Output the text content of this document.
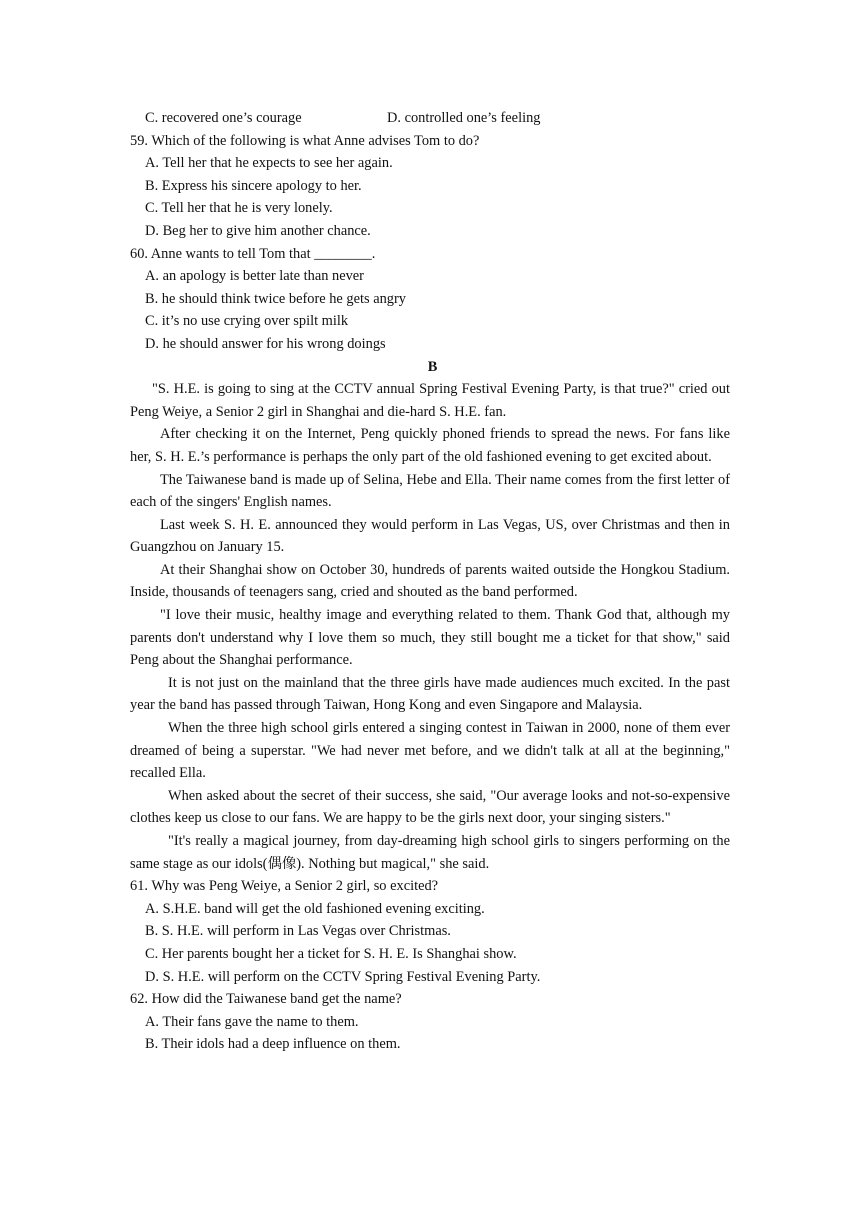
C. recovered one’s courage	D. controlled one’s feeling
59. Which of the following is what Anne advises Tom to do?
A. Tell her that he expects to see her again.
B. Express his sincere apology to her.
C. Tell her that he is very lonely.
D. Beg her to give him another chance.
60. Anne wants to tell Tom that ________.
A. an apology is better late than never
B. he should think twice before he gets angry
C. it’s no use crying over spilt milk
D. he should answer for his wrong doings
B
"S. H.E. is going to sing at the CCTV annual Spring Festival Evening Party, is that true?" cried out Peng Weiye, a Senior 2 girl in Shanghai and die-hard S. H.E. fan.
After checking it on the Internet, Peng quickly phoned friends to spread the news. For fans like her, S. H. E.’s performance is perhaps the only part of the old fashioned evening to get excited about.
The Taiwanese band is made up of Selina, Hebe and Ella. Their name comes from the first letter of each of the singers' English names.
Last week S. H. E. announced they would perform in Las Vegas, US, over Christmas and then in Guangzhou on January 15.
At their Shanghai show on October 30, hundreds of parents waited outside the Hongkou Stadium. Inside, thousands of teenagers sang, cried and shouted as the band performed.
"I love their music, healthy image and everything related to them. Thank God that, although my parents don't understand why I love them so much, they still bought me a ticket for that show," said Peng about the Shanghai performance.
It is not just on the mainland that the three girls have made audiences much excited. In the past year the band has passed through Taiwan, Hong Kong and even Singapore and Malaysia.
When the three high school girls entered a singing contest in Taiwan in 2000, none of them ever dreamed of being a superstar. "We had never met before, and we didn't talk at all at the beginning," recalled Ella.
When asked about the secret of their success, she said, "Our average looks and not-so-expensive clothes keep us close to our fans. We are happy to be the girls next door, your singing sisters."
"It's really a magical journey, from day-dreaming high school girls to singers performing on the same stage as our idols(偶像). Nothing but magical," she said.
61. Why was Peng Weiye, a Senior 2 girl, so excited?
A. S.H.E. band will get the old fashioned evening exciting.
B. S. H.E. will perform in Las Vegas over Christmas.
C. Her parents bought her a ticket for S. H. E. Is Shanghai show.
D. S. H.E. will perform on the CCTV Spring Festival Evening Party.
62. How did the Taiwanese band get the name?
A. Their fans gave the name to them.
B. Their idols had a deep influence on them.
